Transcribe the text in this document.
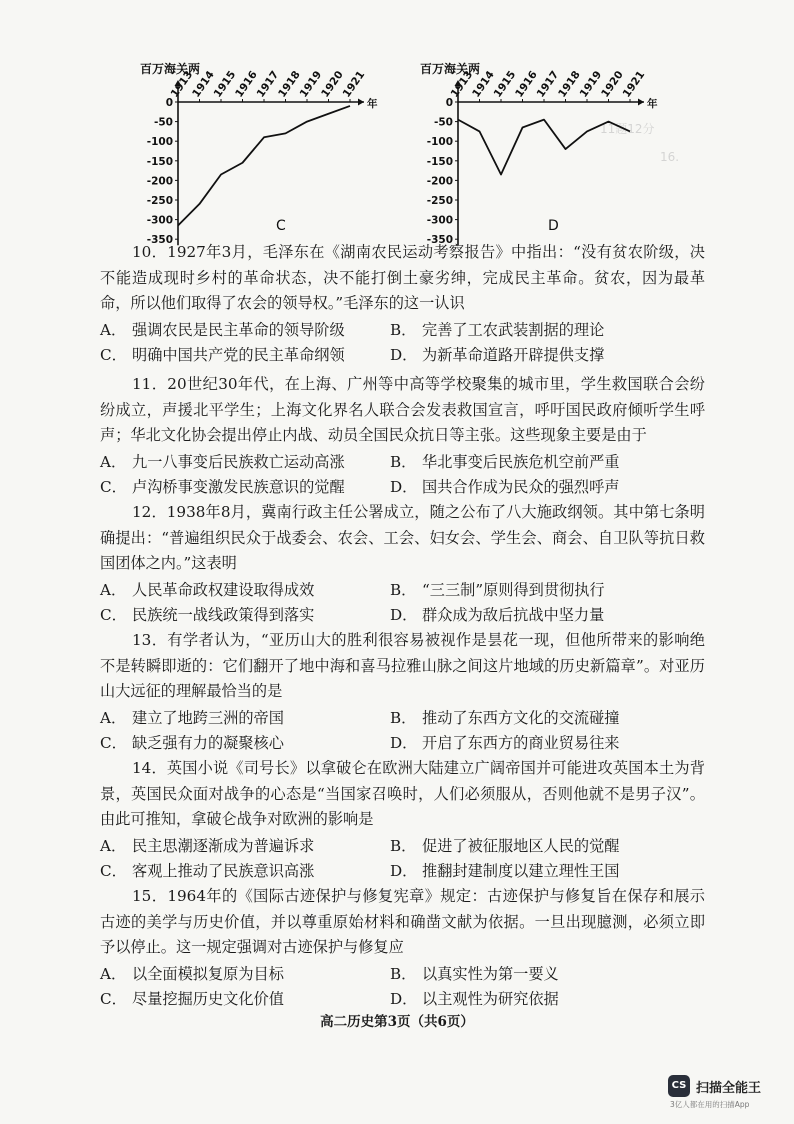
11题12分
16.
百万海关两
C
年
0
-50
-100
-150
-200
-250
-300
-350
1913
1914
1915
1916
1917
1918
1919
1920
1921	百万海关两
D
年
0
-50
-100
-150
-200
-250
-300
-350
1913
1914
1915
1916
1917
1918
1919
1920
1921

10．1927年3月，毛泽东在《湖南农民运动考察报告》中指出：“没有贫农阶级，决不能造成现时乡村的革命状态，决不能打倒土豪劣绅，完成民主革命。贫农，因为最革命，所以他们取得了农会的领导权。”毛泽东的这一认识

A． 强调农民是民主革命的领导阶级	B． 完善了工农武装割据的理论
C． 明确中国共产党的民主革命纲领	D． 为新革命道路开辟提供支撑

11．20世纪30年代，在上海、广州等中高等学校聚集的城市里，学生救国联合会纷纷成立，声援北平学生；上海文化界名人联合会发表救国宣言，呼吁国民政府倾听学生呼声；华北文化协会提出停止内战、动员全国民众抗日等主张。这些现象主要是由于

A． 九一八事变后民族救亡运动高涨	B． 华北事变后民族危机空前严重
C． 卢沟桥事变激发民族意识的觉醒	D． 国共合作成为民众的强烈呼声

12．1938年8月，冀南行政主任公署成立，随之公布了八大施政纲领。其中第七条明确提出：“普遍组织民众于战委会、农会、工会、妇女会、学生会、商会、自卫队等抗日救国团体之内。”这表明

A． 人民革命政权建设取得成效	B． “三三制”原则得到贯彻执行
C． 民族统一战线政策得到落实	D． 群众成为敌后抗战中坚力量

13．有学者认为，“亚历山大的胜利很容易被视作是昙花一现，但他所带来的影响绝不是转瞬即逝的：它们翻开了地中海和喜马拉雅山脉之间这片地域的历史新篇章”。对亚历山大远征的理解最恰当的是

A． 建立了地跨三洲的帝国	B． 推动了东西方文化的交流碰撞
C． 缺乏强有力的凝聚核心	D． 开启了东西方的商业贸易往来

14．英国小说《司号长》以拿破仑在欧洲大陆建立广阔帝国并可能进攻英国本土为背景，英国民众面对战争的心态是“当国家召唤时，人们必须服从，否则他就不是男子汉”。由此可推知，拿破仑战争对欧洲的影响是

A． 民主思潮逐渐成为普遍诉求	B． 促进了被征服地区人民的觉醒
C． 客观上推动了民族意识高涨	D． 推翻封建制度以建立理性王国

15．1964年的《国际古迹保护与修复宪章》规定：古迹保护与修复旨在保存和展示古迹的美学与历史价值，并以尊重原始材料和确凿文献为依据。一旦出现臆测，必须立即予以停止。这一规定强调对古迹保护与修复应

A． 以全面模拟复原为目标	B． 以真实性为第一要义
C． 尽量挖掘历史文化价值	D． 以主观性为研究依据
高二历史第3页（共6页）
CS 扫描全能王
3亿人都在用的扫描App
